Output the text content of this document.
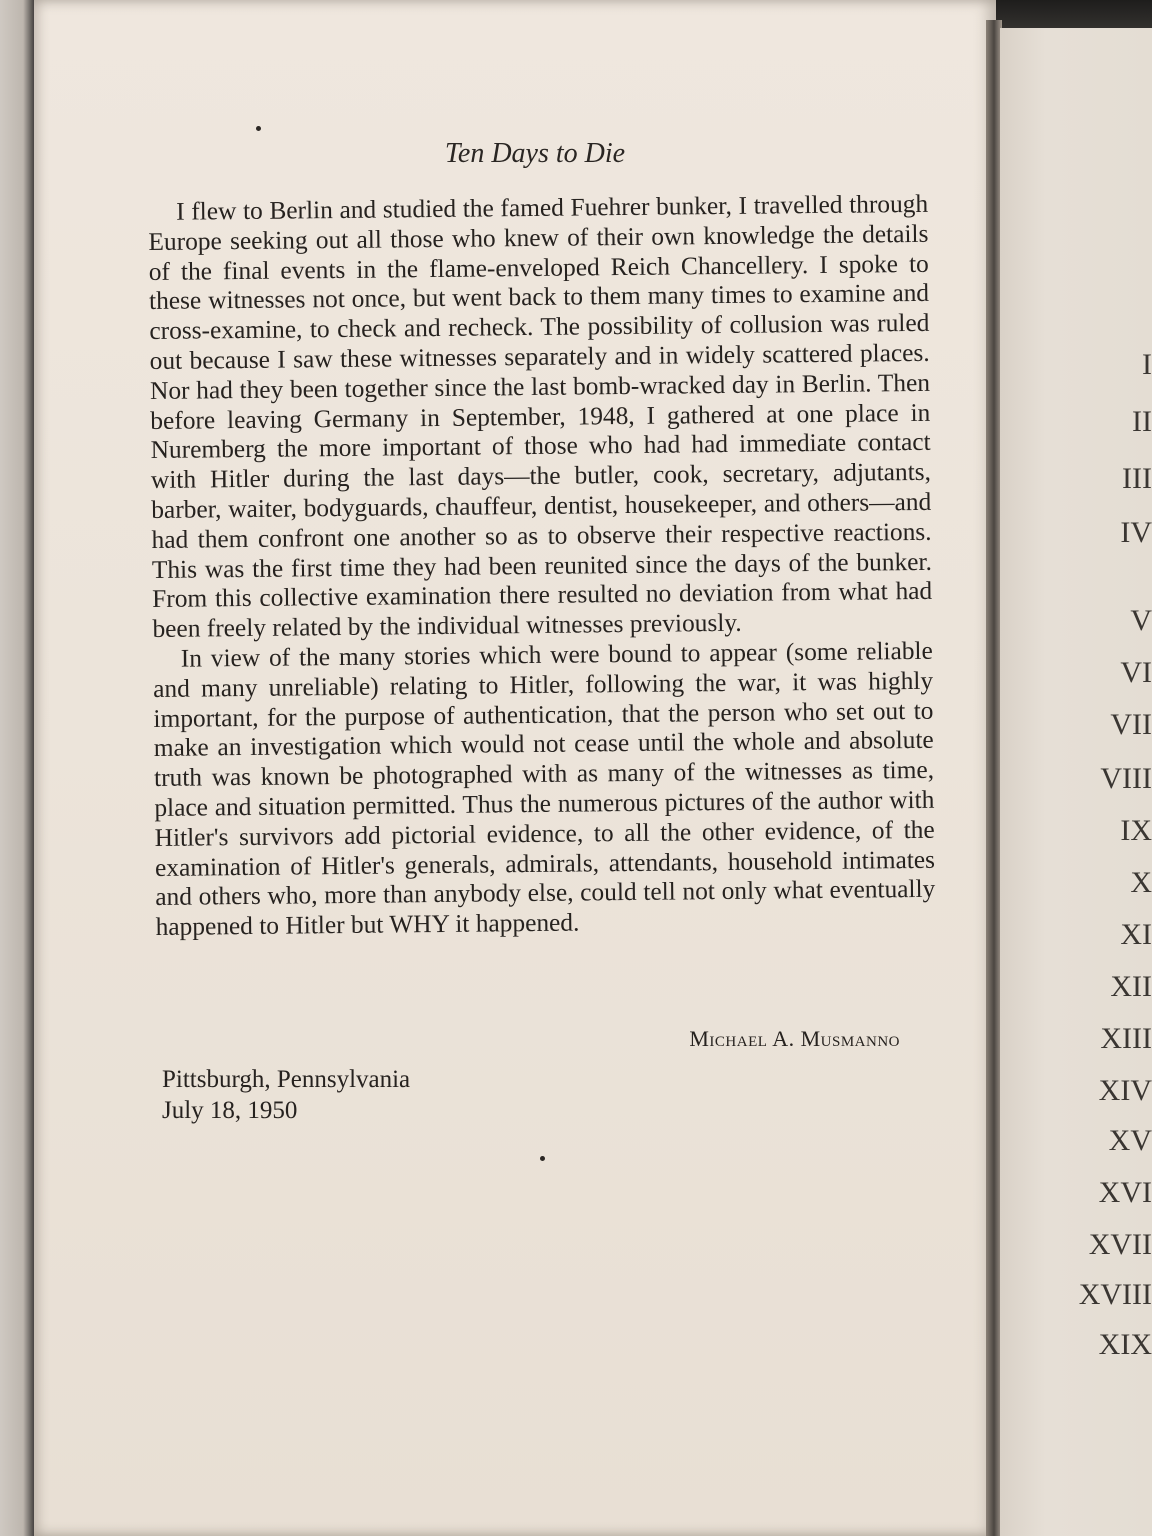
Ten Days to Die

I flew to Berlin and studied the famed Fuehrer bunker, I travelled through Europe seeking out all those who knew of their own knowledge the details of the final events in the flame-enveloped Reich Chancellery. I spoke to these witnesses not once, but went back to them many times to examine and cross-examine, to check and recheck. The possibility of collusion was ruled out because I saw these witnesses separately and in widely scattered places. Nor had they been together since the last bomb-wracked day in Berlin. Then before leaving Germany in September, 1948, I gathered at one place in Nuremberg the more important of those who had had immediate contact with Hitler during the last days—the butler, cook, secretary, adjutants, barber, waiter, bodyguards, chauffeur, dentist, housekeeper, and others—and had them confront one another so as to observe their respective reactions. This was the first time they had been reunited since the days of the bunker. From this collective examination there resulted no deviation from what had been freely related by the individual witnesses previously.

In view of the many stories which were bound to appear (some reliable and many unreliable) relating to Hitler, following the war, it was highly important, for the purpose of authentication, that the person who set out to make an investigation which would not cease until the whole and absolute truth was known be photographed with as many of the witnesses as time, place and situation permitted. Thus the numerous pictures of the author with Hitler's survivors add pictorial evidence, to all the other evidence, of the examination of Hitler's generals, admirals, attendants, household intimates and others who, more than anybody else, could tell not only what eventually happened to Hitler but WHY it happened.

Michael A. Musmanno
Pittsburgh, Pennsylvania
July 18, 1950
I
II
III
IV
V
VI
VII
VIII
IX
X
XI
XII
XIII
XIV
XV
XVI
XVII
XVIII
XIX
